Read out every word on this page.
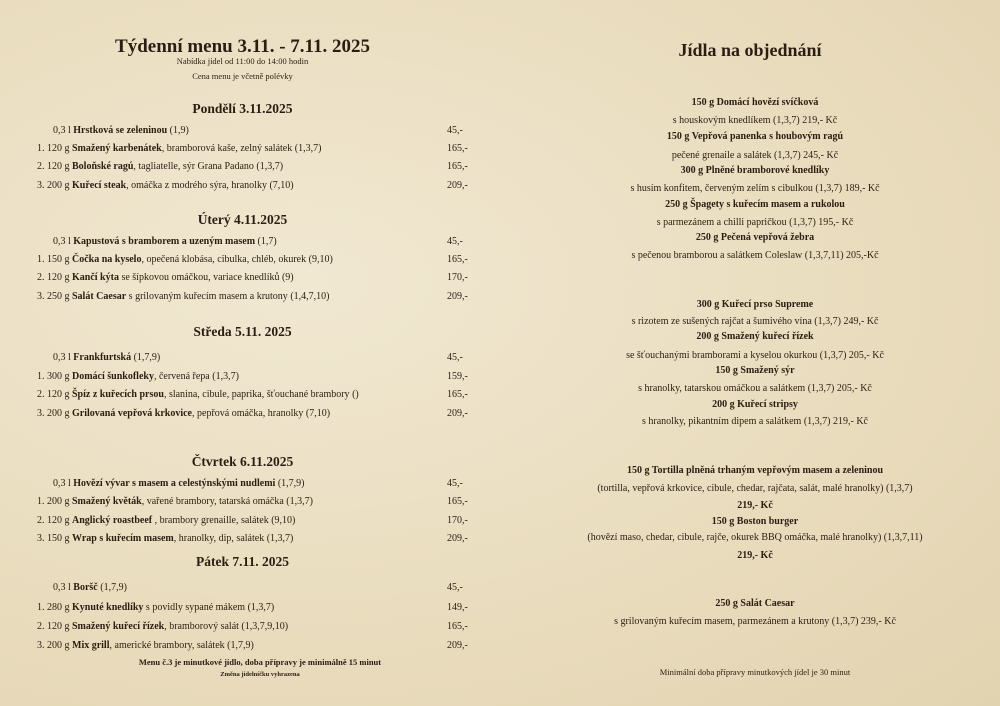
Týdenní menu 3.11. - 7.11. 2025
Nabídka jídel od 11:00 do 14:00 hodin
Cena menu je včetně polévky
Pondělí 3.11.2025
0,3 l Hrstková se zeleninou (1,9)	45,-
1. 120 g Smažený karbenátek, bramborová kaše, zelný salátek (1,3,7)	165,-
2. 120 g Boloňské ragú, tagliatelle, sýr Grana Padano (1,3,7)	165,-
3. 200 g Kuřecí steak, omáčka z modrého sýra, hranolky (7,10)	209,-
Úterý 4.11.2025
0,3 l Kapustová s bramborem a uzeným masem (1,7)	45,-
1. 150 g Čočka na kyselo, opečená klobása, cibulka, chléb, okurek (9,10)	165,-
2. 120 g Kančí kýta se šípkovou omáčkou, variace knedlíků (9)	170,-
3. 250 g Salát Caesar s grilovaným kuřecím masem a krutony (1,4,7,10)	209,-
Středa 5.11. 2025
0,3 l Frankfurtská (1,7,9)	45,-
1. 300 g Domácí šunkofleky, červená řepa (1,3,7)	159,-
2. 120 g Špíz z kuřecích prsou, slanina, cibule, paprika, šťouchané brambory ()	165,-
3. 200 g Grilovaná vepřová krkovice, pepřová omáčka, hranolky (7,10)	209,-
Čtvrtek 6.11.2025
0,3 l Hovězí vývar s masem a celestýnskými nudlemi (1,7,9)	45,-
1. 200 g Smažený květák, vařené brambory, tatarská omáčka (1,3,7)	165,-
2. 120 g Anglický roastbeef , brambory grenaille, salátek (9,10)	170,-
3. 150 g Wrap s kuřecím masem, hranolky, dip, salátek (1,3,7)	209,-
Pátek 7.11. 2025
0,3 l Boršč (1,7,9)	45,-
1. 280 g Kynuté knedlíky s povidly sypané mákem (1,3,7)	149,-
2. 120 g Smažený kuřecí řízek, bramborový salát (1,3,7,9,10)	165,-
3. 200 g Mix grill, americké brambory, salátek (1,7,9)	209,-
Menu č.3 je minutkové jídlo, doba přípravy je minimálně 15 minut
Změna jídelníčku vyhrazena
Jídla na objednání
150 g Domácí hovězí svíčková
s houskovým knedlíkem (1,3,7) 219,- Kč
150 g Vepřová panenka s houbovým ragú
pečené grenaile a salátek (1,3,7) 245,- Kč
300 g Plněné bramborové knedlíky
s husím konfitem, červeným zelím s cibulkou (1,3,7) 189,- Kč
250 g Špagety s kuřecím masem a rukolou
s parmezánem a chilli papričkou (1,3,7) 195,- Kč
250 g Pečená vepřová žebra
s pečenou bramborou a salátkem Coleslaw (1,3,7,11) 205,-Kč
300 g Kuřecí prso Supreme
s rizotem ze sušených rajčat a šumivého vína (1,3,7) 249,- Kč
200 g Smažený kuřecí řízek
se šťouchanými bramborami a kyselou okurkou (1,3,7) 205,- Kč
150 g Smažený sýr
s hranolky, tatarskou omáčkou a salátkem (1,3,7) 205,- Kč
200 g Kuřecí stripsy
s hranolky, pikantním dipem a salátkem (1,3,7) 219,- Kč
150 g Tortilla plněná trhaným vepřovým masem a zeleninou
(tortilla, vepřová krkovice, cibule, chedar, rajčata, salát, malé hranolky) (1,3,7)
219,- Kč
150 g Boston burger
(hovězí maso, chedar, cibule, rajče, okurek BBQ omáčka, malé hranolky) (1,3,7,11)
219,- Kč
250 g Salát Caesar
s grilovaným kuřecím masem, parmezánem a krutony (1,3,7) 239,- Kč
Minimální doba přípravy minutkových jídel je 30 minut
